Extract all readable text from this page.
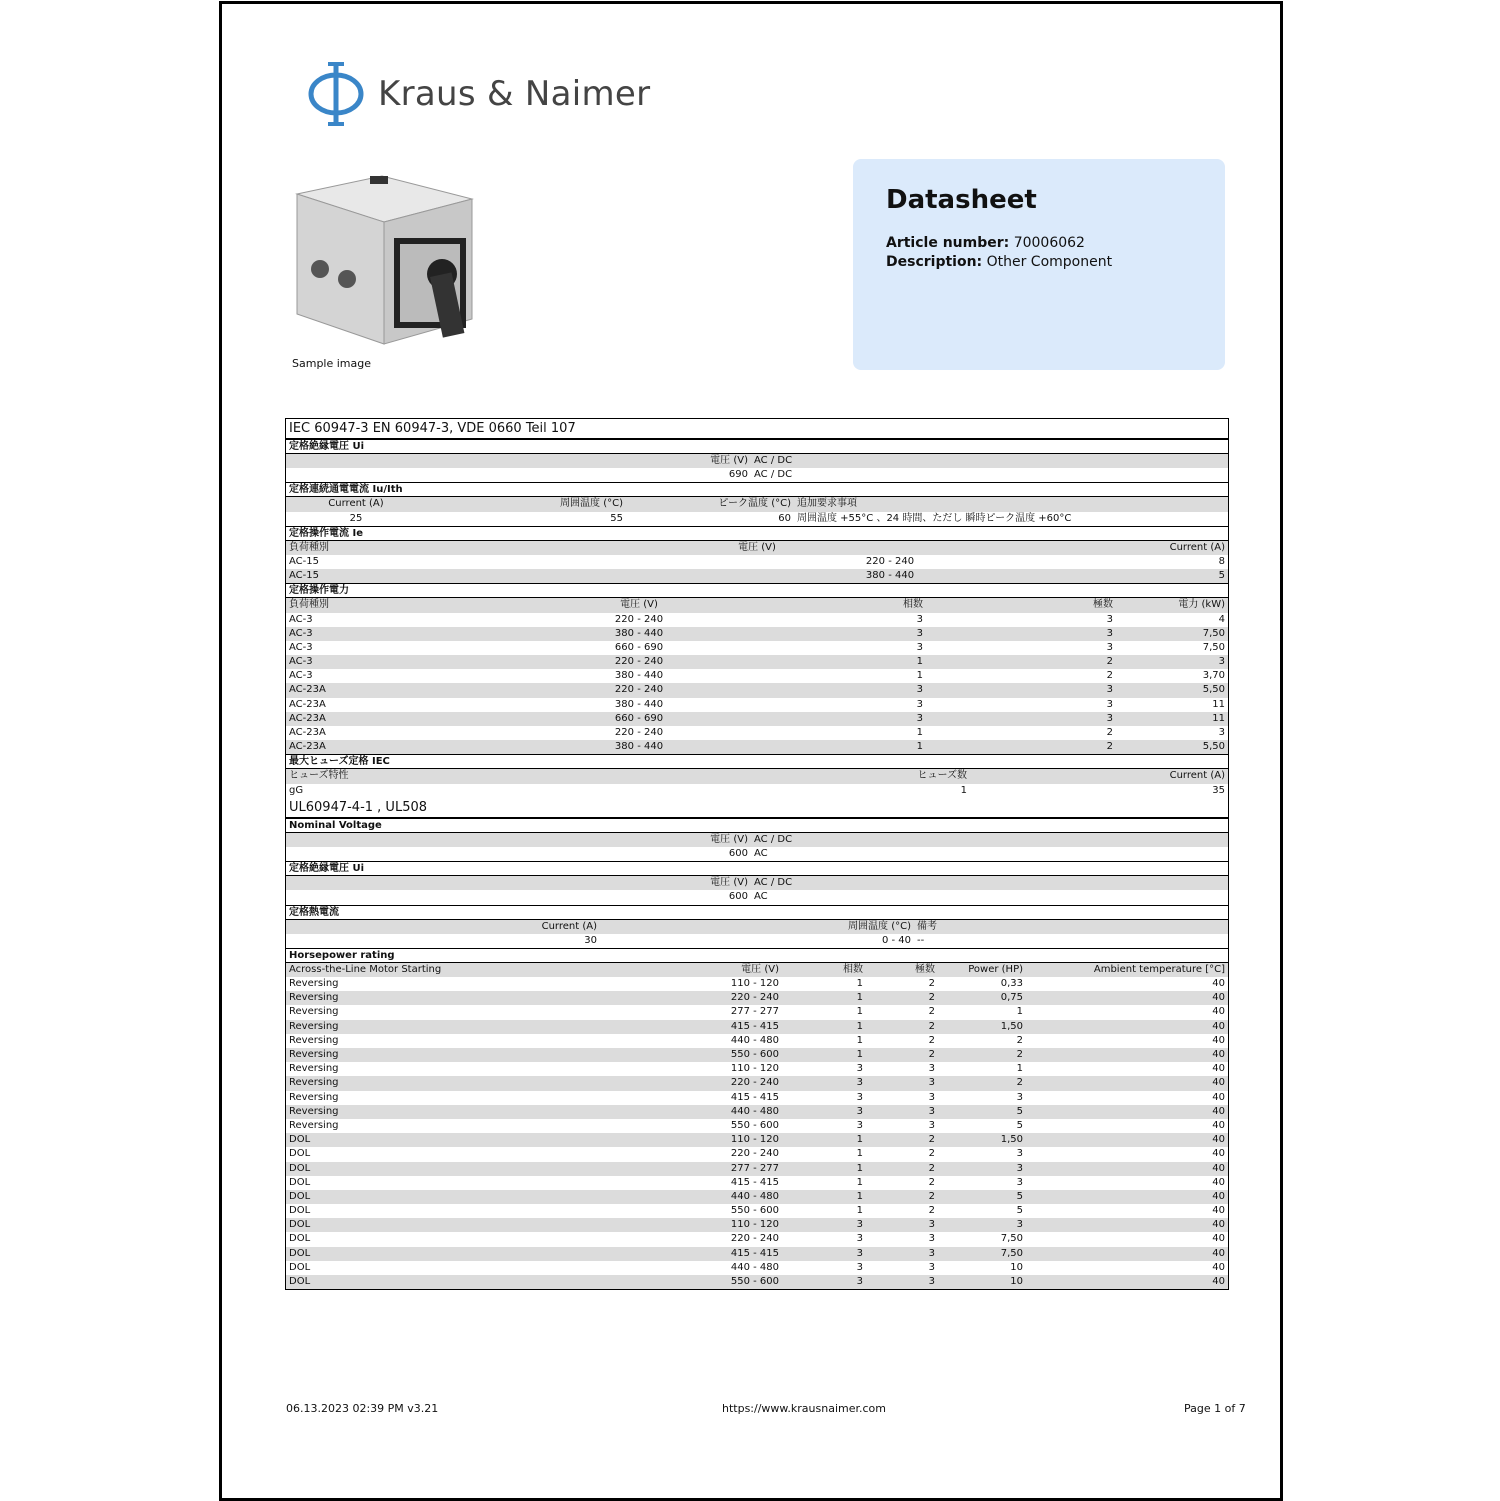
Kraus & Naimer
Sample image
Datasheet
Article number: 70006062
Description: Other Component
IEC 60947-3 EN 60947-3, VDE 0660 Teil 107
定格絶縁電圧 Ui
電圧 (V) AC / DC
690 AC / DC
定格連続通電電流 Iu/Ith
Current (A)	周囲温度 (°C)	ピーク温度 (°C) 追加要求事項
25	55	60 周囲温度 +55°C 、24 時間、ただし 瞬時ピーク温度 +60°C
定格操作電流 Ie
負荷種別	電圧 (V)	Current (A)
AC-15	220 - 240	8
AC-15	380 - 440	5
定格操作電力
負荷種別	電圧 (V)	相数	極数	電力 (kW)
AC-3	220 - 240	3	3	4
AC-3	380 - 440	3	3	7,50
AC-3	660 - 690	3	3	7,50
AC-3	220 - 240	1	2	3
AC-3	380 - 440	1	2	3,70
AC-23A	220 - 240	3	3	5,50
AC-23A	380 - 440	3	3	11
AC-23A	660 - 690	3	3	11
AC-23A	220 - 240	1	2	3
AC-23A	380 - 440	1	2	5,50
最大ヒューズ定格 IEC
ヒューズ特性	ヒューズ数	Current (A)
gG	1	35
UL60947-4-1 , UL508
Nominal Voltage
電圧 (V) AC / DC
600 AC
定格絶縁電圧 Ui
電圧 (V) AC / DC
600 AC
定格熱電流
Current (A)	周囲温度 (°C) 備考
30	0 - 40 --
Horsepower rating
Across-the-Line Motor Starting	電圧 (V)	相数	極数	Power (HP)	Ambient temperature [°C]
Reversing	110 - 120	1	2	0,33	40
Reversing	220 - 240	1	2	0,75	40
Reversing	277 - 277	1	2	1	40
Reversing	415 - 415	1	2	1,50	40
Reversing	440 - 480	1	2	2	40
Reversing	550 - 600	1	2	2	40
Reversing	110 - 120	3	3	1	40
Reversing	220 - 240	3	3	2	40
Reversing	415 - 415	3	3	3	40
Reversing	440 - 480	3	3	5	40
Reversing	550 - 600	3	3	5	40
DOL	110 - 120	1	2	1,50	40
DOL	220 - 240	1	2	3	40
DOL	277 - 277	1	2	3	40
DOL	415 - 415	1	2	3	40
DOL	440 - 480	1	2	5	40
DOL	550 - 600	1	2	5	40
DOL	110 - 120	3	3	3	40
DOL	220 - 240	3	3	7,50	40
DOL	415 - 415	3	3	7,50	40
DOL	440 - 480	3	3	10	40
DOL	550 - 600	3	3	10	40
06.13.2023 02:39 PM v3.21	https://www.krausnaimer.com	Page 1 of 7
